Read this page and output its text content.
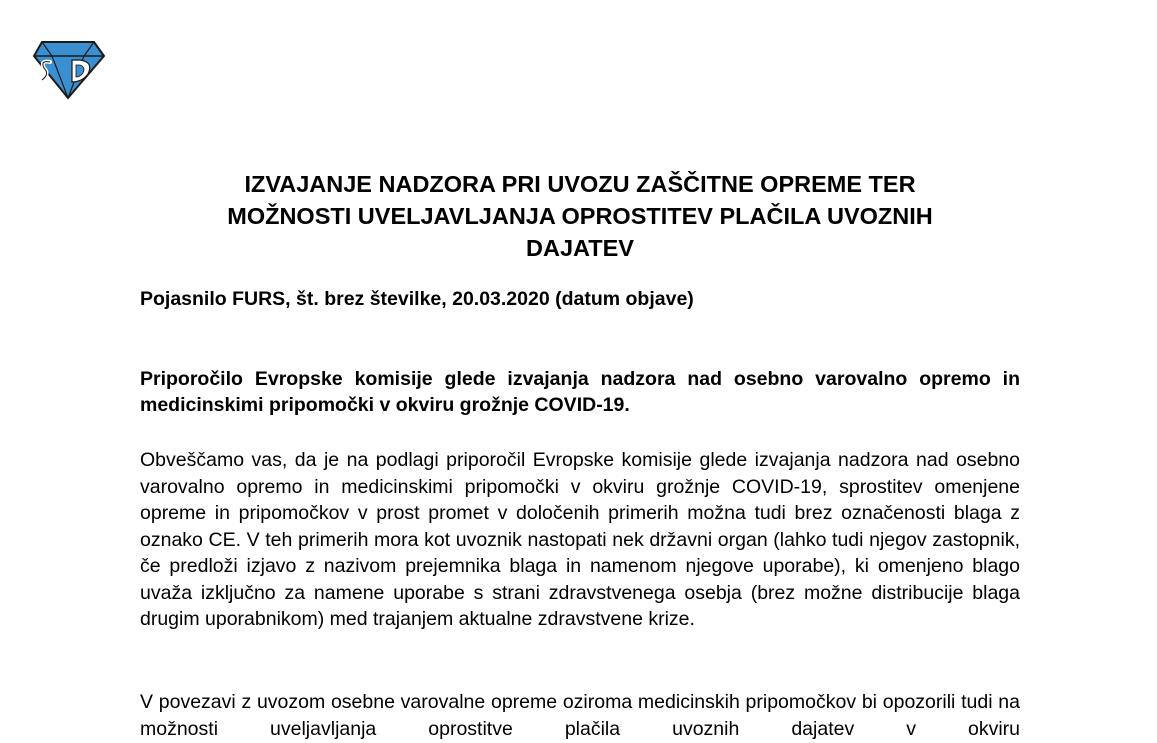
IZVAJANJE NADZORA PRI UVOZU ZAŠČITNE OPREME TER
MOŽNOSTI UVELJAVLJANJA OPROSTITEV PLAČILA UVOZNIH
DAJATEV

Pojasnilo FURS, št. brez številke, 20.03.2020 (datum objave)

Priporočilo Evropske komisije glede izvajanja nadzora nad osebno varovalno opremo in medicinskimi pripomočki v okviru grožnje COVID-19.

Obveščamo vas, da je na podlagi priporočil Evropske komisije glede izvajanja nadzora nad osebno varovalno opremo in medicinskimi pripomočki v okviru grožnje COVID-19, sprostitev omenjene opreme in pripomočkov v prost promet v določenih primerih možna tudi brez označenosti blaga z oznako CE. V teh primerih mora kot uvoznik nastopati nek državni organ (lahko tudi njegov zastopnik, če predloži izjavo z nazivom prejemnika blaga in namenom njegove uporabe), ki omenjeno blago uvaža izključno za namene uporabe s strani zdravstvenega osebja (brez možne distribucije blaga drugim uporabnikom) med trajanjem aktualne zdravstvene krize.

V povezavi z uvozom osebne varovalne opreme oziroma medicinskih pripomočkov bi opozorili tudi na možnosti uveljavljanja oprostitve plačila uvoznih dajatev v okviru
